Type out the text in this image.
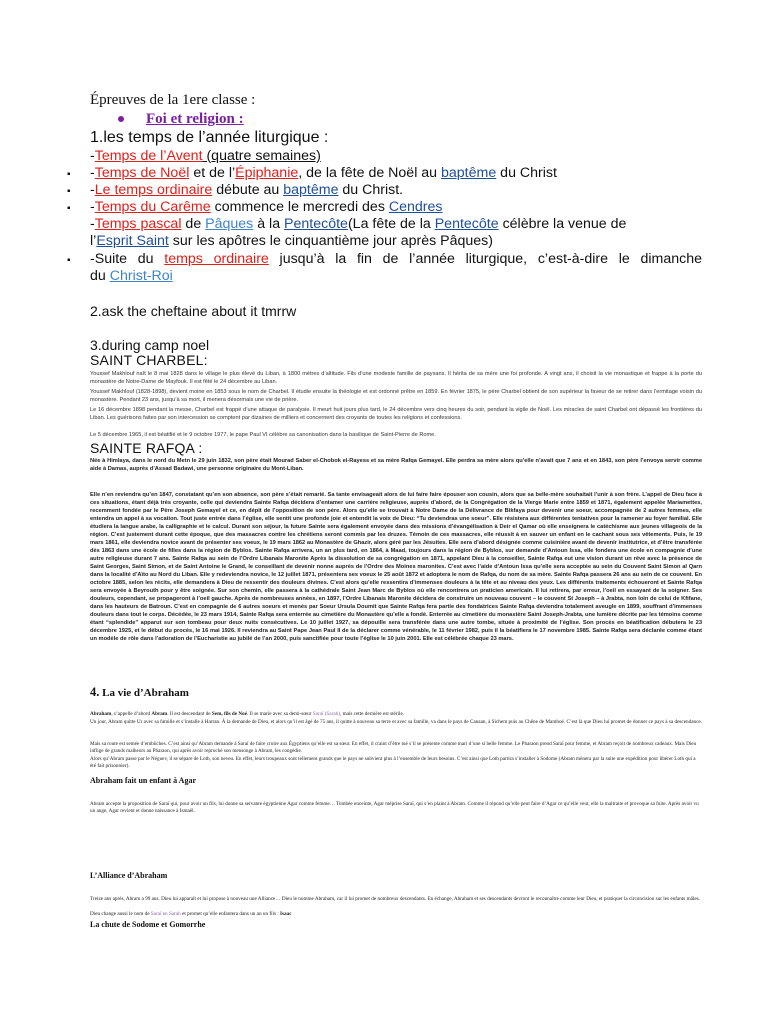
Épreuves de la 1ere classe :
Foi et religion :
1.les temps de l’année liturgique :
-Temps de l’Avent (quatre semaines)
▪ -Temps de Noël et de l’Épiphanie, de la fête de Noël au baptême du Christ
▪ -Le temps ordinaire débute au baptême du Christ.
▪ -Temps du Carême commence le mercredi des Cendres
-Temps pascal de Pâques à la Pentecôte(La fête de la Pentecôte célèbre la venue de
l’Esprit Saint sur les apôtres le cinquantième jour après Pâques)
▪ -Suite du temps ordinaire jusqu’à la fin de l’année liturgique, c’est-à-dire le dimanche
du Christ-Roi
2.ask the cheftaine about it tmrrw
3.during camp noel
SAINT CHARBEL:
Youssef Makhlouf naît le 8 mai 1828 dans le village le plus élevé du Liban, à 1800 mètres d’altitude. Fils d’une modeste famille de paysans. Il hérita de sa mère une foi profonde. A vingt ans, il choisit la vie monastique et frappe à la porte du monastère de Notre-Dame de Mayfouk. Il est fêté le 24 décembre au Liban.
Youssef Makhlouf (1828-1898), devient moine en 1853 sous le nom de Charbel. Il étudie ensuite la théologie et est ordonné prêtre en 1859. En février 1875, le père Charbel obtient de son supérieur la faveur de se retirer dans l’ermitage voisin du monastère. Pendant 23 ans, jusqu’à sa mort, il menera désormais une vie de prière.
Le 16 décembre 1898 pendant la messe, Charbel est frappé d’une attaque de paralysie. Il meurt huit jours plus tard, le 24 décembre vers cinq heures du soir, pendant la vigile de Noël. Les miracles de saint Charbel ont dépassé les frontières du Liban. Les guérisons faites par son intercession se comptent par dizaines de milliers et concernent des croyants de toutes les religions et confessions.
Le 5 décembre 1965, il est béatifié et le 9 octobre 1977, le pape Paul VI célèbre sa canonisation dans la basilique de Saint-Pierre de Rome.
SAINTE RAFQA :
Née à Himlaya, dans le nord du Metn le 29 juin 1832, son père était Mourad Saber el-Chobok el-Rayess et sa mère Rafqa Gemayel. Elle perdra sa mère alors qu’elle n’avait que 7 ans et en 1843, son père l’envoya servir comme aide à Damas, auprès d’Assad Badawi, une personne originaire du Mont-Liban.
Elle n’en reviendra qu’en 1847, constatant qu’en son absence, son père s’était remarié. Sa tante envisageait alors de lui faire faire épouser son cousin, alors que sa belle-mère souhaitait l’unir à son frère. L’appel de Dieu face à ces situations, étant déjà très croyante, celle qui deviendra Sainte Rafqa décidera d’entamer une carrière religieuse, auprès d’abord, de la Congrégation de la Vierge Marie entre 1859 et 1871, également appelée Mariamettes, recemment fondée par le Père Joseph Gemayel et ce, en dépit de l’opposition de son père. Alors qu’elle se trouvait à Notre Dame de la Délivrance de Bikfaya pour devenir une soeur, accompagnée de 2 autres femmes, elle entendra un appel à sa vocation. Tout juste entrée dans l’église, elle sentit une profonde joie et entendit la voix de Dieu: “Tu deviendras une soeur”. Elle résistera aux différentes tentatives pour la ramener au foyer familial. Elle étudiera la langue arabe, la calligraphie et le calcul. Durant son séjour, la future Sainte sera également envoyée dans des missions d’évangélisation à Deir el Qamar où elle enseignera le catéchisme aux jeunes villageois de la région. C’est justement durant cette époque, que des massacres contre les chrétiens seront commis par les druzes. Témoin de ces massacres, elle réussit à en sauver un enfant en le cachant sous ses vêtements. Puis, le 19 mars 1861, elle deviendra novice avant de présenter ses voeux, le 19 mars 1862 au Monastère de Ghazir, alors géré par les Jésuites. Elle sera d’abord désignée comme cuisinière avant de devenir institutrice, et d’être transférée dès 1863 dans une école de filles dans la région de Byblos. Sainte Rafqa arrivera, un an plus tard, en 1864, à Maad, toujours dans la région de Byblos, sur demande d’Antoun Issa, elle fondera une école en compagnie d’une autre religieuse durant 7 ans. Sainte Rafqa au sein de l’Ordre Libanais Maronite Après la dissolution de sa congrégation en 1871, appelant Dieu à la conseiller, Sainte Rafqa eut une vision durant un rêve avec la présence de Saint Georges, Saint Simon, et de Saint Antoine le Grand, le conseillant de devenir nonne auprès de l’Ordre des Moines maronites. C’est avec l’aide d’Antoun Issa qu’elle sera acceptée au sein du Couvent Saint Simon al Qarn dans la localité d’Aïto au Nord du Liban. Elle y redeviendra novice, le 12 juillet 1871, présentera ses voeux le 25 août 1872 et adoptera le nom de Rafqa, du nom de sa mère. Sainte Rafqa passera 26 ans au sein de ce couvent. En octobre 1885, selon les récits, elle demandera à Dieu de ressentir des douleurs divines. C’est alors qu’elle ressentira d’immenses douleurs à la tête et au niveau des yeux. Les différents traitements échoueront et Sainte Rafqa sera envoyée à Beyrouth pour y être soignée. Sur son chemin, elle passera à la cathédrale Saint Jean Marc de Byblos où elle rencontrera un praticien americain. Il lui retirera, par erreur, l’oeil en essayant de la soigner. Ses douleurs, cependant, se propageront à l’oeil gauche. Après de nombreuses années, en 1897, l’Ordre Libanais Maronite décidera de construire un nouveau couvent – le couvent St Joseph – à Jrabta, non loin de celui de Kfifane, dans les hauteurs de Batroun. C’est en compagnie de 6 autres soeurs et menés par Soeur Ursula Doumit que Sainte Rafqa fera partie des fondatrices Sainte Rafqa deviendra totalement aveugle en 1899, souffrant d’immenses douleurs dans tout le corps. Décédée, le 23 mars 1914, Sainte Rafqa sera enterrée au cimetière du Monastère qu’elle a fondé. Enterrée au cimetière du monastère Saint Joseph-Jrabta, une lumière décrite par les témoins comme étant “splendide” apparut sur son tombeau pour deux nuits consécutives. Le 10 juillet 1927, sa dépouille sera transférée dans une autre tombe, située à proximité de l’église. Son procès en béatification débutera le 23 décembre 1925, et le début du procès, le 16 mai 1926. Il reviendra au Saint Pape Jean Paul II de la déclarer comme vénérable, le 11 février 1982, puis il la béatifiera le 17 novembre 1985. Sainte Rafqa sera déclarée comme étant un modèle de rôle dans l’adoration de l’Eucharistie au jubilé de l’an 2000, puis sanctifiée pour toute l’église le 10 juin 2001. Elle est célébrée chaque 23 mars.
4. La vie d’Abraham
Abraham, s’appelle d’abord Abram. Il est descendant de Sem, fils de Noé. Il se marie avec sa demi-sœur Saraï (Sarah), mais cette dernière est stérile.
Un jour, Abram quitte Ur avec sa famille et s’installe à Harran. À la demande de Dieu, et alors qu’il est âgé de 75 ans, il quitte à nouveau sa terre et avec sa famille, va dans le pays de Canaan, à Sichem puis au Chêne de Mamboé. C’est là que Dieu lui promet de donner ce pays à sa descendance.
Mais sa route est semée d’embûches. C’est ainsi qu’Abram demande à Saraï de faire croire aux Égyptiens qu’elle est sa sœur. En effet, il craint d’être tué s’il se présente comme mari d’une si belle femme. Le Pharaon prend Saraï pour femme, et Abram reçoit de nombreux cadeaux. Mais Dieu inflige de grands malheurs au Pharaon, qui après avoir reproché son mensonge à Abram, les congédie.
Alors qu’Abram passe par le Néguev, il se sépare de Loth, son neveu. En effet, leurs troupeaux sont tellement grands que le pays ne subvient plus à l’ensemble de leurs besoins. C’est ainsi que Loth partira s’installer à Sodome (Abram mènera par la suite une expédition pour libérer Loth qui a été fait prisonnier).
Abraham fait un enfant à Agar
Abram accepte la proposition de Saraï qui, pour avoir un fils, lui donne sa servante égyptienne Agar comme femme… Tombée enceinte, Agar méprise Saraï, qui s’en plaint à Abram. Comme il répond qu’elle peut faire d’Agar ce qu’elle veut, elle la maltraite et provoque sa fuite. Après avoir vu un ange, Agar revient et donne naissance à Ismaël.
L’Alliance d’Abraham
Treize ans après, Abram a 99 ans. Dieu lui apparaît et lui propose à nouveau une Alliance… Dieu le nomme Abraham, car il lui promet de nombreux descendants. En échange, Abraham et ses descendants devront le reconnaître comme leur Dieu, et pratiquer la circoncision sur les enfants mâles.
Dieu change aussi le nom de Saraï en Sarah et promet qu’elle enfantera dans un an un fils : Isaac
La chute de Sodome et Gomorrhe
